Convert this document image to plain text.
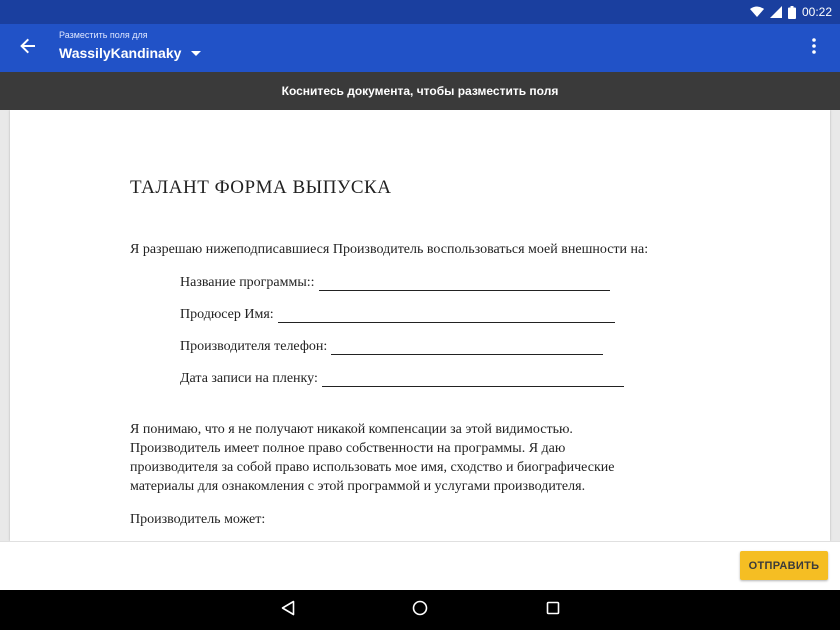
00:22
Разместить поля для
WassilyKandinaky
Коснитесь документа, чтобы разместить поля
ТАЛАНТ ФОРМА ВЫПУСКА
Я разрешаю нижеподписавшиеся Производитель воспользоваться моей внешности на:
Название программы::
Продюсер Имя:
Производителя телефон:
Дата записи на пленку:
Я понимаю, что я не получают никакой компенсации за этой видимостью.
Производитель имеет полное право собственности на программы. Я даю
производителя за собой право использовать мое имя, сходство и биографические
материалы для ознакомления с этой программой и услугами производителя.
Производитель может:
ОТПРАВИТЬ
